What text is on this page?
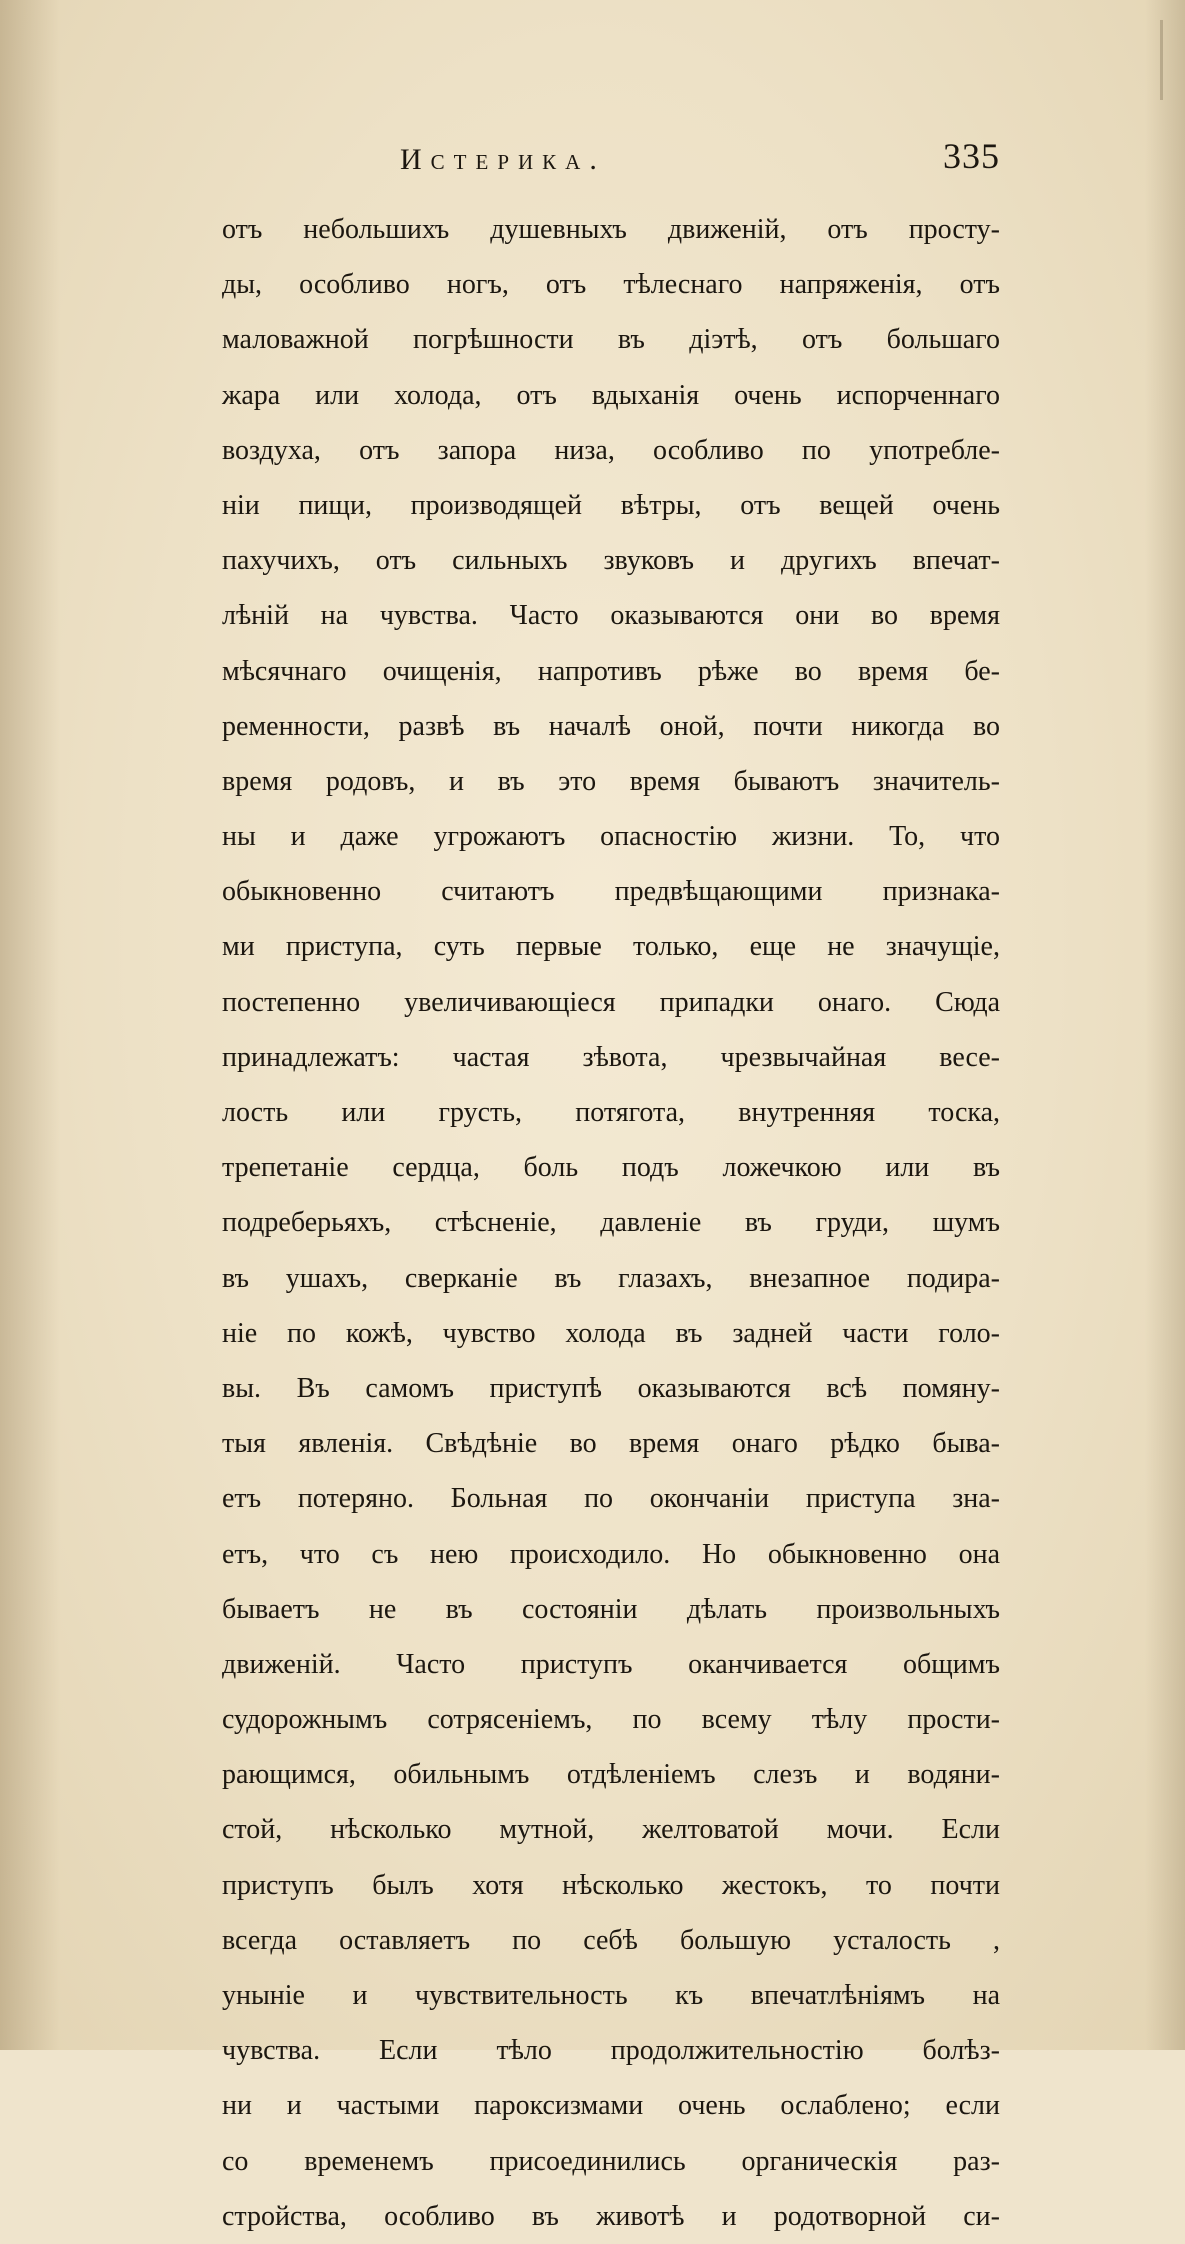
Истерика.	335
отъ небольшихъ душевныхъ движенiй, отъ просту-
ды, особливо ногъ, отъ тѣлеснаго напряженiя, отъ
маловажной погрѣшности въ дiэтѣ, отъ большаго
жара или холода, отъ вдыханiя очень испорченнаго
воздуха, отъ запора низа, особливо по употребле-
нiи пищи, производящей вѣтры, отъ вещей очень
пахучихъ, отъ сильныхъ звуковъ и другихъ впечат-
лѣнiй на чувства. Часто оказываются они во время
мѣсячнаго очищенiя, напротивъ рѣже во время бе-
ременности, развѣ въ началѣ оной, почти никогда во
время родовъ, и въ это время бываютъ значитель-
ны и даже угрожаютъ опасностiю жизни. То, что
обыкновенно считаютъ предвѣщающими признака-
ми приступа, суть первые только, еще не значущiе,
постепенно увеличивающiеся припадки онаго. Сюда
принадлежатъ: частая зѣвота, чрезвычайная весе-
лость или грусть, потягота, внутренняя тоска,
трепетанiе сердца, боль подъ ложечкою или въ
подреберьяхъ, стѣсненiе, давленiе въ груди, шумъ
въ ушахъ, сверканiе въ глазахъ, внезапное подира-
нiе по кожѣ, чувство холода въ задней части голо-
вы. Въ самомъ приступѣ оказываются всѣ помяну-
тыя явленiя. Свѣдѣнiе во время онаго рѣдко быва-
етъ потеряно. Больная по окончанiи приступа зна-
етъ, что съ нею происходило. Но обыкновенно она
бываетъ не въ состоянiи дѣлать произвольныхъ
движенiй. Часто приступъ оканчивается общимъ
судорожнымъ сотрясенiемъ, по всему тѣлу прости-
рающимся, обильнымъ отдѣленiемъ слезъ и водяни-
стой, нѣсколько мутной, желтоватой мочи. Если
приступъ былъ хотя нѣсколько жестокъ, то почти
всегда оставляетъ по себѣ большую усталость ,
унынiе и чувствительность къ впечатлѣнiямъ на
чувства. Если тѣло продолжительностiю болѣз-
ни и частыми пароксизмами очень ослаблено; если
со временемъ присоединились органическiя раз-
стройства, особливо въ животѣ и родотворной си-
